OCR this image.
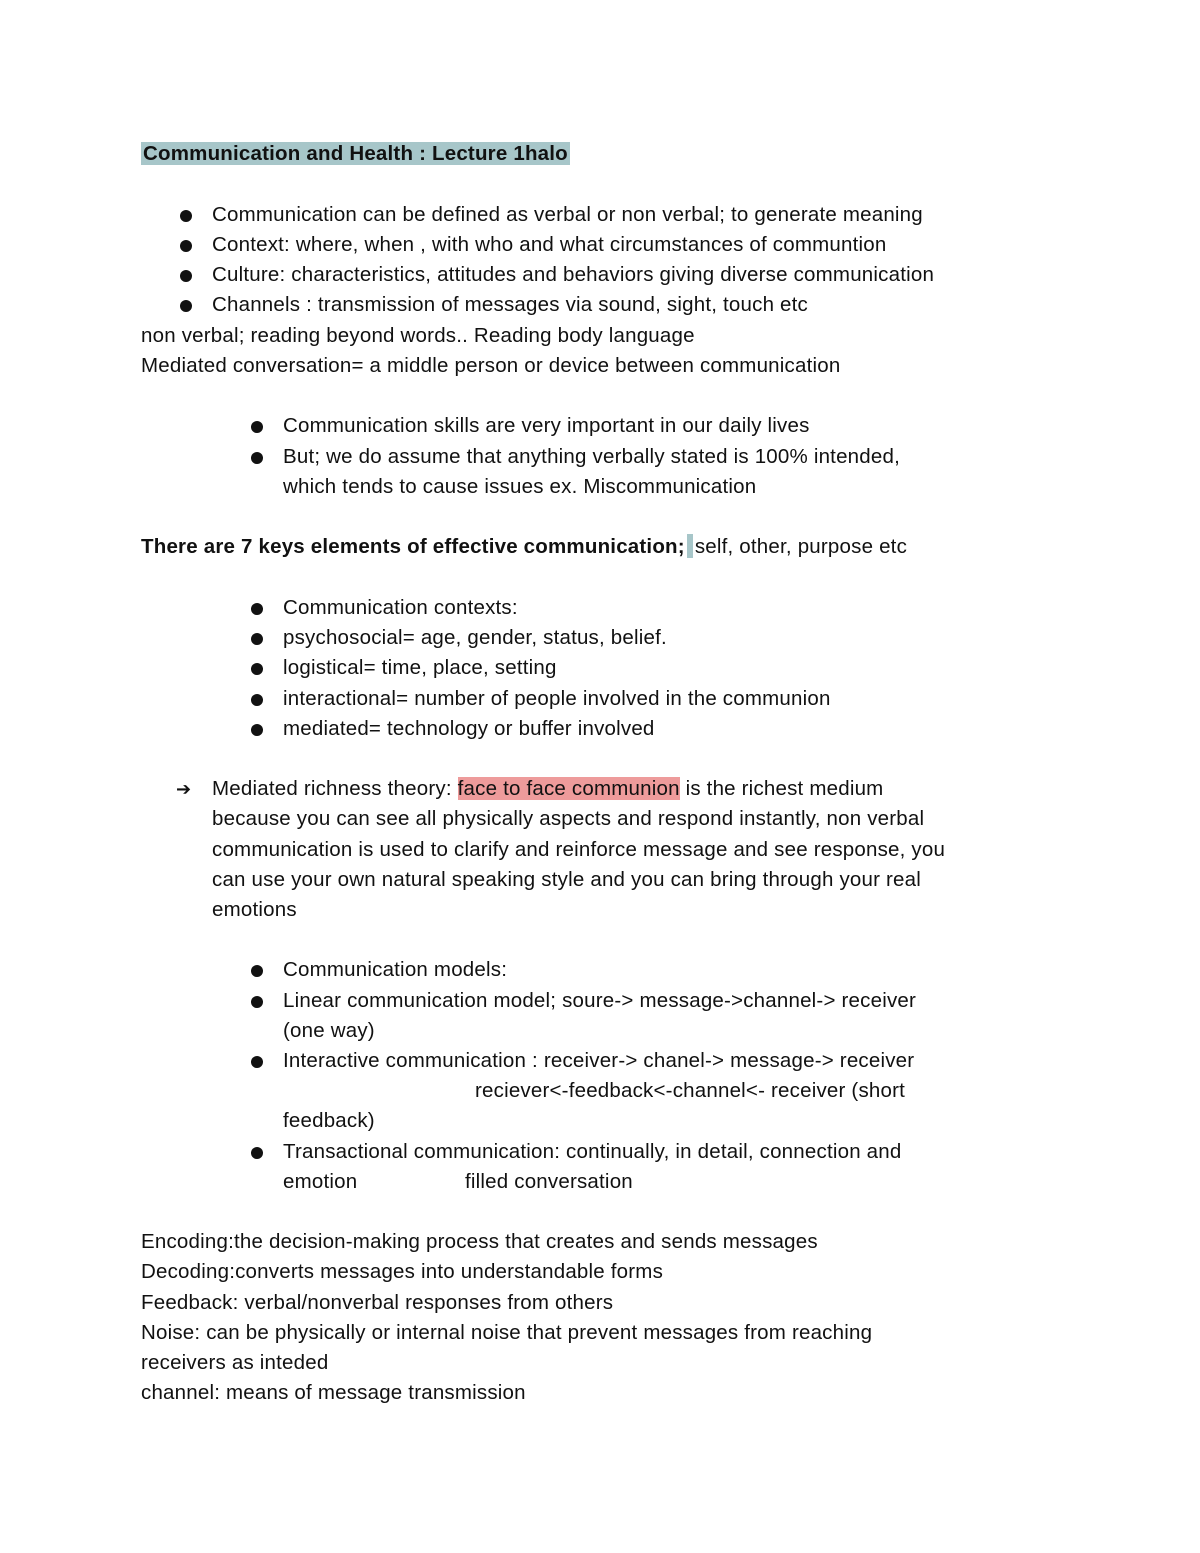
Communication and Health : Lecture 1halo
Communication can be defined as verbal or non verbal; to generate meaning
Context: where, when , with who and what circumstances of communtion
Culture: characteristics, attitudes and behaviors giving diverse communication
Channels : transmission of messages via sound, sight, touch etc
non verbal; reading beyond words.. Reading body language
Mediated conversation= a middle person or device between communication
Communication skills are very important in our daily lives
But; we do assume that anything verbally stated is 100% intended,
which tends to cause issues ex. Miscommunication
There are 7 keys elements of effective communication; self, other, purpose etc
Communication contexts:
psychosocial= age, gender, status, belief.
logistical= time, place, setting
interactional= number of people involved in the communion
mediated= technology or buffer involved
➔ Mediated richness theory: face to face communion is the richest medium
because you can see all physically aspects and respond instantly, non verbal
communication is used to clarify and reinforce message and see response, you
can use your own natural speaking style and you can bring through your real
emotions
Communication models:
Linear communication model; soure-> message->channel-> receiver
(one way)
Interactive communication : receiver-> chanel-> message-> receiver
reciever<-feedback<-channel<- receiver (short
feedback)
Transactional communication: continually, in detail, connection and
emotion	filled conversation
Encoding:the decision-making process that creates and sends messages
Decoding:converts messages into understandable forms
Feedback: verbal/nonverbal responses from others
Noise: can be physically or internal noise that prevent messages from reaching
receivers as inteded
channel: means of message transmission
